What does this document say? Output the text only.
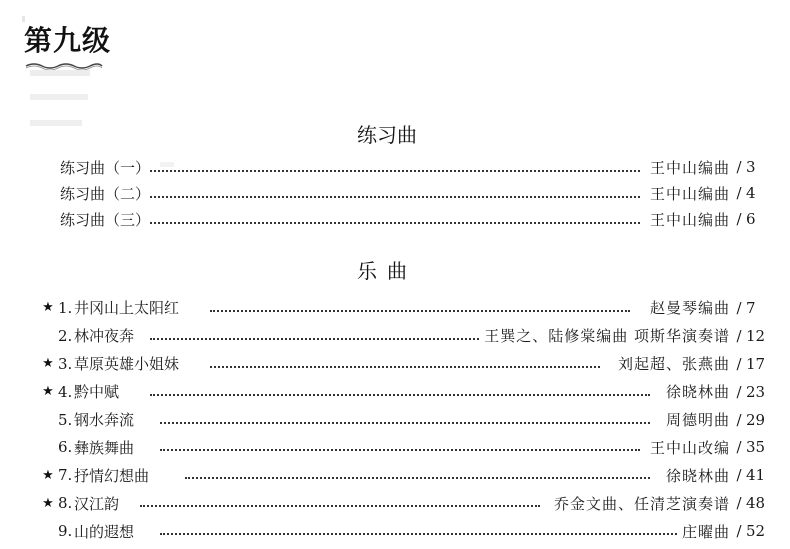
第九级
练习曲
练习曲（一）	王中山编曲 / 3
练习曲（二）	王中山编曲 / 4
练习曲（三）	王中山编曲 / 6
乐曲
★ 1. 井冈山上太阳红	赵曼琴编曲 / 7
2. 林冲夜奔	王巽之、陆修棠编曲 项斯华演奏谱 / 12
★ 3. 草原英雄小姐妹	刘起超、张燕曲 / 17
★ 4. 黔中赋	徐晓林曲 / 23
5. 钢水奔流	周德明曲 / 29
6. 彝族舞曲	王中山改编 / 35
★ 7. 抒情幻想曲	徐晓林曲 / 41
★ 8. 汉江韵	乔金文曲、任清芝演奏谱 / 48
9. 山的遐想	庄曜曲 / 52
